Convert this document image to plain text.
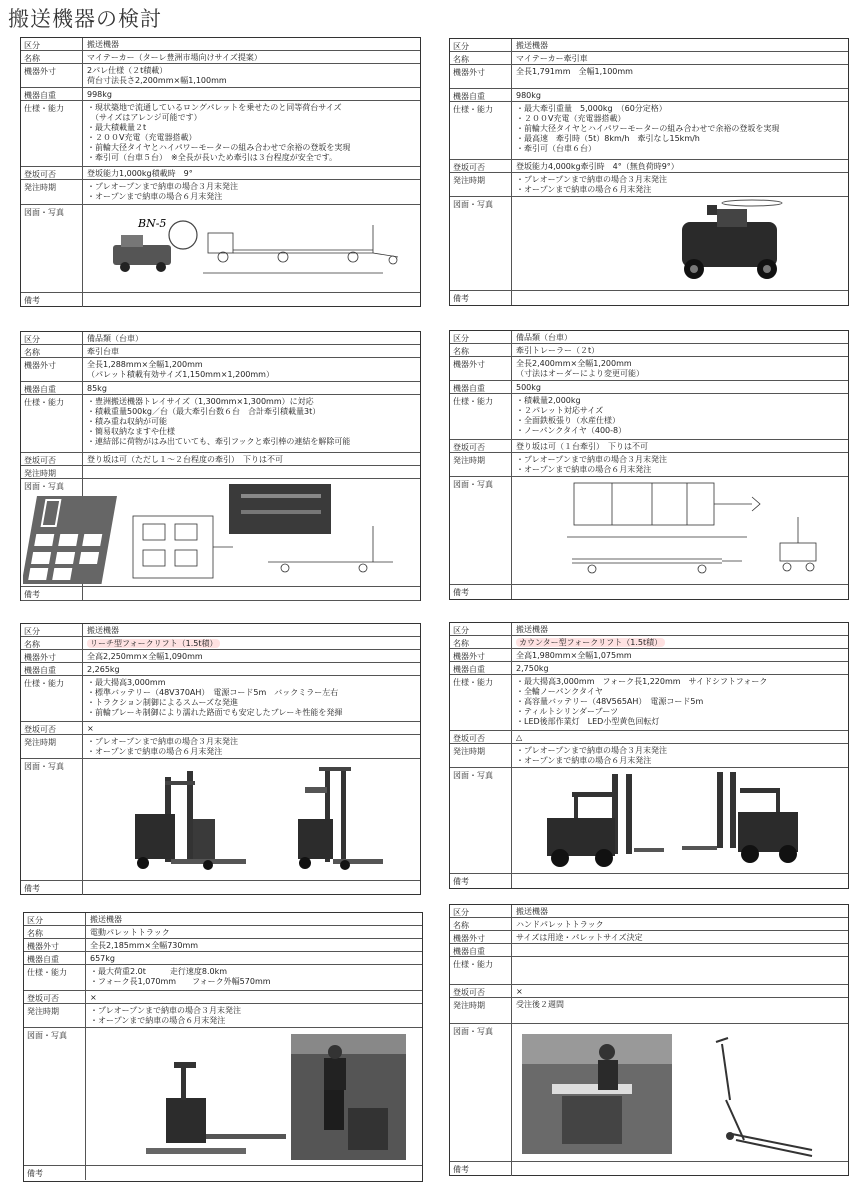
搬送機器の検討
区分	搬送機器
名称	マイテーカー（ターレ豊洲市場向けサイズ提案）
機器外寸	2パレ仕様（２t積載）
荷台寸法長さ2,200mm×幅1,100mm
機器自重	998kg
仕様・能力	・現状築地で流通しているロングパレットを乗せたのと同等荷台サイズ
　（サイズはアレンジ可能です）
・最大積載量２t
・２００V充電（充電器搭載）
・前輪大径タイヤとハイパワーモーターの組み合わせで余裕の登坂を実現
・牽引可（台車５台）　※全長が長いため牽引は３台程度が安全です。
登坂可否	登坂能力1,000kg積載時　9°
発注時期	・プレオープンまで納車の場合３月末発注
・オープンまで納車の場合６月末発注
図面・写真
BN-5
備考
区分	搬送機器
名称	マイテーカー牽引車
機器外寸	全長1,791mm　全幅1,100mm
機器自重	980kg
仕様・能力	・最大牽引重量　5,000kg　（60分定格）
・２００V充電（充電器搭載）
・前輪大径タイヤとハイパワーモーターの組み合わせで余裕の登坂を実現
・最高速　牽引時（5t）8km/h　牽引なし15km/h
・牽引可（台車６台）
登坂可否	登坂能力4,000kg牽引時　4°（無負荷時9°）
発注時期	・プレオープンまで納車の場合３月末発注
・オープンまで納車の場合６月末発注
図面・写真
備考
区分	備品類（台車）
名称	牽引台車
機器外寸	全長1,288mm×全幅1,200mm
（パレット積載有効サイズ1,150mm×1,200mm）
機器自重	85kg
仕様・能力	・豊洲搬送機器トレイサイズ（1,300mm×1,300mm）に対応
・積載重量500kg／台（最大牽引台数６台　合計牽引積載量3t）
・積み重ね収納が可能
・簡易収納なますや仕様
・連結部に荷物がはみ出ていても、牽引フックと牽引棒の連結を解除可能
登坂可否	登り坂は可（ただし１～２台程度の牽引）　下りは不可
発注時期
図面・写真
備考
区分	備品類（台車）
名称	牽引トレーラー（２t）
機器外寸	全長2,400mm×全幅1,200mm
（寸法はオーダーにより変更可能）
機器自重	500kg
仕様・能力	・積載量2,000kg
・２パレット対応サイズ
・全面鉄板張り（水産仕様）
・ノーパンクタイヤ（400-8）
登坂可否	登り坂は可（１台牽引）　下りは不可
発注時期	・プレオープンまで納車の場合３月末発注
・オープンまで納車の場合６月末発注
図面・写真
備考
区分	搬送機器
名称	リーチ型フォークリフト（1.5t積）
機器外寸	全高2,250mm×全幅1,090mm
機器自重	2,265kg
仕様・能力	・最大揚高3,000mm
・標準バッテリー（48V370AH）　電源コード5m　バックミラー左右
・トラクション制御によるスムーズな発進
・前輪ブレーキ制御により濡れた路面でも安定したブレーキ性能を発揮
登坂可否	×
発注時期	・プレオープンまで納車の場合３月末発注
・オープンまで納車の場合６月末発注
図面・写真
備考
区分	搬送機器
名称	カウンター型フォークリフト（1.5t積）
機器外寸	全高1,980mm×全幅1,075mm
機器自重	2,750kg
仕様・能力	・最大揚高3,000mm　フォーク長1,220mm　サイドシフトフォーク
・全輪ノーパンクタイヤ
・高容量バッテリー（48V565AH）　電源コード5m
・ティルトシリンダーブーツ
・LED後部作業灯　LED小型黄色回転灯
登坂可否	△
発注時期	・プレオープンまで納車の場合３月末発注
・オープンまで納車の場合６月末発注
図面・写真
備考
区分	搬送機器
名称	電動パレットトラック
機器外寸	全長2,185mm×全幅730mm
機器自重	657kg
仕様・能力	・最大荷重2.0t　　　走行速度8.0km
・フォーク長1,070mm　　フォーク外幅570mm
登坂可否	×
発注時期	・プレオープンまで納車の場合３月末発注
・オープンまで納車の場合６月末発注
図面・写真
備考
区分	搬送機器
名称	ハンドパレットトラック
機器外寸	サイズは用途・パレットサイズ決定
機器自重
仕様・能力
登坂可否	×
発注時期	受注後２週間
図面・写真
備考
